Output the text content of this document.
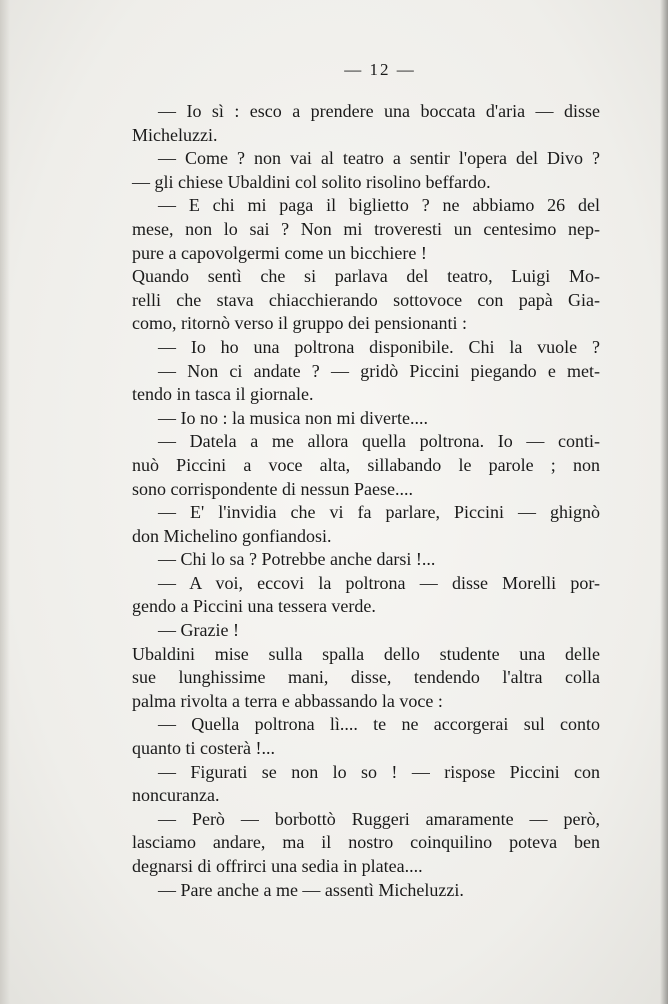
— 12 —

— Io sì : esco a prendere una boccata d'aria — disse

Micheluzzi.

— Come ? non vai al teatro a sentir l'opera del Divo ?

— gli chiese Ubaldini col solito risolino beffardo.

— E chi mi paga il biglietto ? ne abbiamo 26 del

mese, non lo sai ? Non mi troveresti un centesimo nep-

pure a capovolgermi come un bicchiere !

Quando sentì che si parlava del teatro, Luigi Mo-

relli che stava chiacchierando sottovoce con papà Gia-

como, ritornò verso il gruppo dei pensionanti :

— Io ho una poltrona disponibile. Chi la vuole ?

— Non ci andate ? — gridò Piccini piegando e met-

tendo in tasca il giornale.

— Io no : la musica non mi diverte....

— Datela a me allora quella poltrona. Io — conti-

nuò Piccini a voce alta, sillabando le parole ; non

sono corrispondente di nessun Paese....

— E' l'invidia che vi fa parlare, Piccini — ghignò

don Michelino gonfiandosi.

— Chi lo sa ? Potrebbe anche darsi !...

— A voi, eccovi la poltrona — disse Morelli por-

gendo a Piccini una tessera verde.

— Grazie !

Ubaldini mise sulla spalla dello studente una delle

sue lunghissime mani, disse, tendendo l'altra colla

palma rivolta a terra e abbassando la voce :

— Quella poltrona lì.... te ne accorgerai sul conto

quanto ti costerà !...

— Figurati se non lo so ! — rispose Piccini con

noncuranza.

— Però — borbottò Ruggeri amaramente — però,

lasciamo andare, ma il nostro coinquilino poteva ben

degnarsi di offrirci una sedia in platea....

— Pare anche a me — assentì Micheluzzi.
